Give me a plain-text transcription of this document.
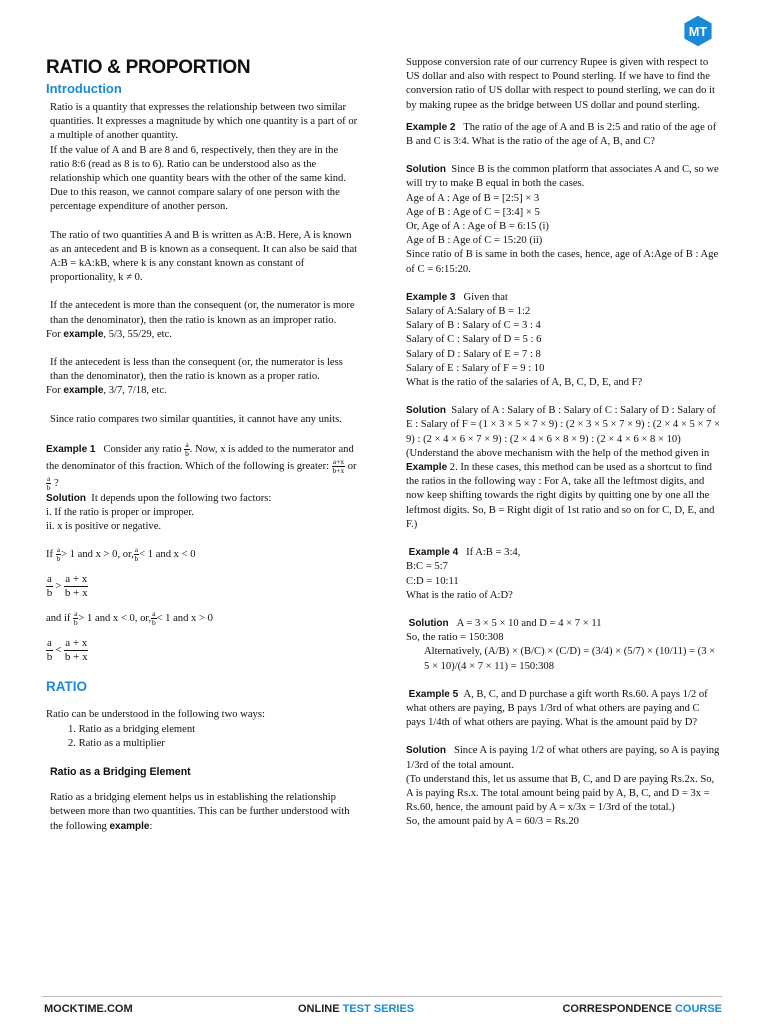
MT
RATIO & PROPORTION
Introduction

Ratio is a quantity that expresses the relationship between two similar quantities. It expresses a magnitude by which one quantity is a part of or a multiple of another quantity.

If the value of A and B are 8 and 6, respectively, then they are in the ratio 8:6 (read as 8 is to 6). Ratio can be understood also as the relationship which one quantity bears with the other of the same kind. Due to this reason, we cannot compare salary of one person with the percentage expenditure of another person.

The ratio of two quantities A and B is written as A:B. Here, A is known as an antecedent and B is known as a consequent. It can also be said that A:B = kA:kB, where k is any constant known as constant of proportionality, k ≠ 0.

If the antecedent is more than the consequent (or, the numerator is more than the denominator), then the ratio is known as an improper ratio.

For example, 5/3, 55/29, etc.

If the antecedent is less than the consequent (or, the numerator is less than the denominator), then the ratio is known as a proper ratio.

For example, 3/7, 7/18, etc.

Since ratio compares two similar quantities, it cannot have any units.

Example 1 Consider any ratio $\frac{a}{b}$ . Now, x is added to the numerator and the denominator of this fraction. Which of the following is greater: $\frac{a+x}{b+x}$ or
$\frac{a}{b}$ ?

Solution It depends upon the following two factors:

i. If the ratio is proper or improper.

ii. x is positive or negative.

If $\frac{a}{b} > 1$ and x > 0, or, $\frac{a}{b} < 1$ and x < 0

$\frac{a}{b} > \frac{a + x}{b + x}$

and if $\frac{a}{b} > 1$ and x < 0, or, $\frac{a}{b} < 1$ and x > 0

$\frac{a}{b} < \frac{a + x}{b + x}$

RATIO

Ratio can be understood in the following two ways:

1. Ratio as a bridging element
2. Ratio as a multiplier
Ratio as a Bridging Element

Ratio as a bridging element helps us in establishing the relationship between more than two quantities. This can be further understood with the following example:

Suppose conversion rate of our currency Rupee is given with respect to US dollar and also with respect to Pound sterling. If we have to find the conversion ratio of US dollar with respect to pound sterling, we can do it by making rupee as the bridge between US dollar and pound sterling.

Example 2 The ratio of the age of A and B is 2:5 and ratio of the age of B and C is 3:4. What is the ratio of the age of A, B, and C?

Solution Since B is the common platform that associates A and C, so we will try to make B equal in both the cases.

Age of A : Age of B = [2:5] × 3

Age of B : Age of C = [3:4] × 5

Or, Age of A : Age of B = 6:15 (i)

Age of B : Age of C = 15:20 (ii)

Since ratio of B is same in both the cases, hence, age of A:Age of B : Age of C = 6:15:20.

Example 3 Given that

Salary of A:Salary of B = 1:2

Salary of B : Salary of C = 3 : 4

Salary of C : Salary of D = 5 : 6

Salary of D : Salary of E = 7 : 8

Salary of E : Salary of F = 9 : 10

What is the ratio of the salaries of A, B, C, D, E, and F?

Solution Salary of A : Salary of B : Salary of C : Salary of D : Salary of E : Salary of F = (1 × 3 × 5 × 7 × 9) : (2 × 3 × 5 × 7 × 9) : (2 × 4 × 5 × 7 × 9) : (2 × 4 × 6 × 7 × 9) : (2 × 4 × 6 × 8 × 9) : (2 × 4 × 6 × 8 × 10)

(Understand the above mechanism with the help of the method given in Example 2. In these cases, this method can be used as a shortcut to find the ratios in the following way : For A, take all the leftmost digits, and now keep shifting towards the right digits by quitting one by one all the leftmost digits. So, B = Right digit of 1st ratio and so on for C, D, E, and F.)

Example 4 If A:B = 3:4,

B:C = 5:7

C:D = 10:11

What is the ratio of A:D?

Solution A = 3 × 5 × 10 and D = 4 × 7 × 11

So, the ratio = 150:308

Alternatively, (A/B) × (B/C) × (C/D) = (3/4) × (5/7) × (10/11) = (3 × 5 × 10)/(4 × 7 × 11) = 150:308

Example 5 A, B, C, and D purchase a gift worth Rs.60. A pays 1/2 of what others are paying, B pays 1/3rd of what others are paying and C pays 1/4th of what others are paying. What is the amount paid by D?

Solution Since A is paying 1/2 of what others are paying, so A is paying 1/3rd of the total amount.

(To understand this, let us assume that B, C, and D are paying Rs.2x. So, A is paying Rs.x. The total amount being paid by A, B, C, and D = 3x = Rs.60, hence, the amount paid by A = x/3x = 1/3rd of the total.)

So, the amount paid by A = 60/3 = Rs.20

MOCKTIME.COM	ONLINE TEST SERIES	CORRESPONDENCE COURSE
